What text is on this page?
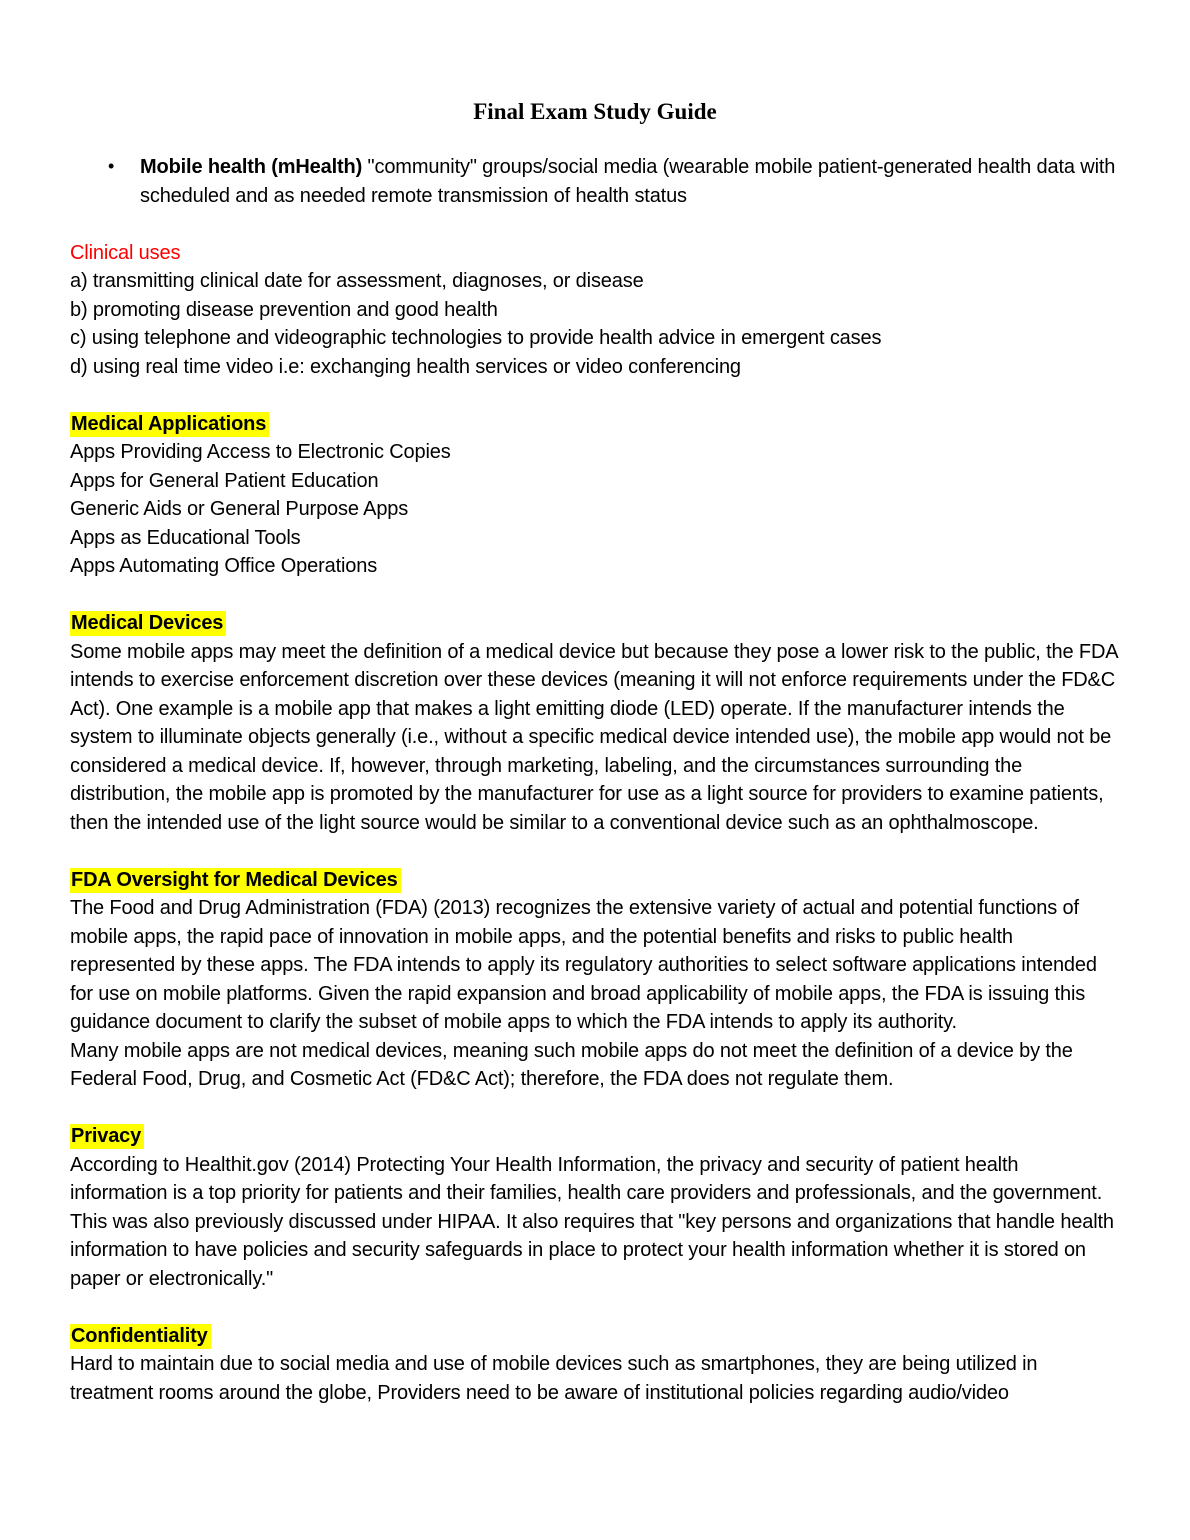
Final Exam Study Guide
• Mobile health (mHealth) "community" groups/social media (wearable mobile patient-generated health data with scheduled and as needed remote transmission of health status

Clinical uses

a) transmitting clinical date for assessment, diagnoses, or disease

b) promoting disease prevention and good health

c) using telephone and videographic technologies to provide health advice in emergent cases

d) using real time video i.e: exchanging health services or video conferencing

Medical Applications

Apps Providing Access to Electronic Copies

Apps for General Patient Education

Generic Aids or General Purpose Apps

Apps as Educational Tools

Apps Automating Office Operations

Medical Devices

Some mobile apps may meet the definition of a medical device but because they pose a lower risk to the public, the FDA intends to exercise enforcement discretion over these devices (meaning it will not enforce requirements under the FD&C Act). One example is a mobile app that makes a light emitting diode (LED) operate. If the manufacturer intends the system to illuminate objects generally (i.e., without a specific medical device intended use), the mobile app would not be considered a medical device. If, however, through marketing, labeling, and the circumstances surrounding the distribution, the mobile app is promoted by the manufacturer for use as a light source for providers to examine patients, then the intended use of the light source would be similar to a conventional device such as an ophthalmoscope.

FDA Oversight for Medical Devices

The Food and Drug Administration (FDA) (2013) recognizes the extensive variety of actual and potential functions of mobile apps, the rapid pace of innovation in mobile apps, and the potential benefits and risks to public health represented by these apps. The FDA intends to apply its regulatory authorities to select software applications intended for use on mobile platforms. Given the rapid expansion and broad applicability of mobile apps, the FDA is issuing this guidance document to clarify the subset of mobile apps to which the FDA intends to apply its authority.

Many mobile apps are not medical devices, meaning such mobile apps do not meet the definition of a device by the Federal Food, Drug, and Cosmetic Act (FD&C Act); therefore, the FDA does not regulate them.

Privacy

According to Healthit.gov (2014) Protecting Your Health Information, the privacy and security of patient health information is a top priority for patients and their families, health care providers and professionals, and the government. This was also previously discussed under HIPAA. It also requires that "key persons and organizations that handle health information to have policies and security safeguards in place to protect your health information whether it is stored on paper or electronically."

Confidentiality

Hard to maintain due to social media and use of mobile devices such as smartphones, they are being utilized in treatment rooms around the globe, Providers need to be aware of institutional policies regarding audio/video
